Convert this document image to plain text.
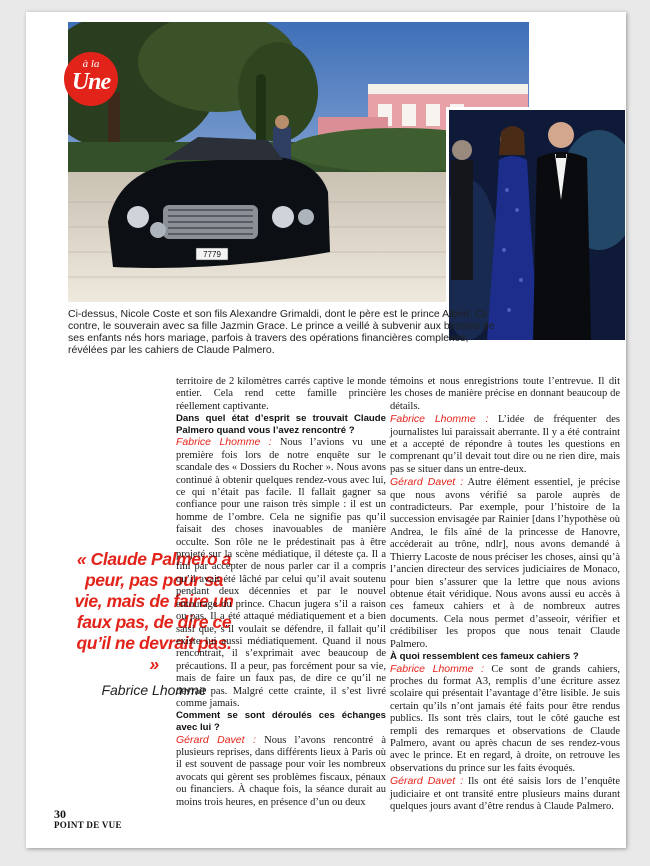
7779
à la
Une
Ci-dessus, Nicole Coste et son fils Alexandre Grimaldi, dont le père est le prince Albert. Ci-contre, le souverain avec sa fille Jazmin Grace. Le prince a veillé à subvenir aux besoins de ses enfants nés hors mariage, parfois à travers des opérations financières complexes, révélées par les cahiers de Claude Palmero.
« Claude Palmero a peur, pas pour sa vie, mais de faire un faux pas, de dire ce qu’il ne devrait pas. »
Fabrice Lhomme

territoire de 2 kilomètres carrés captive le monde entier. Cela rend cette famille princière réellement captivante.

Dans quel état d’esprit se trouvait Claude Palmero quand vous l’avez rencontré ?

Fabrice Lhomme : Nous l’avions vu une première fois lors de notre enquête sur le scandale des « Dossiers du Rocher ». Nous avons continué à obtenir quelques rendez-vous avec lui, ce qui n’était pas facile. Il fallait gagner sa confiance pour une raison très simple : il est un homme de l’ombre. Cela ne signifie pas qu’il faisait des choses inavouables de manière occulte. Son rôle ne le prédestinait pas à être projeté sur la scène médiatique, il déteste ça. Il a fini par accepter de nous parler car il a compris qu’il avait été lâché par celui qu’il avait soutenu pendant deux décennies et par le nouvel entourage du prince. Chacun jugera s’il a raison ou pas. Il a été attaqué médiatiquement et a bien saisi que, s’il voulait se défendre, il fallait qu’il existe lui aussi médiatiquement. Quand il nous rencontrait, il s’exprimait avec beaucoup de précautions. Il a peur, pas forcément pour sa vie, mais de faire un faux pas, de dire ce qu’il ne devrait pas. Malgré cette crainte, il s’est livré comme jamais.

Comment se sont déroulés ces échanges avec lui ?

Gérard Davet : Nous l’avons rencontré à plusieurs reprises, dans différents lieux à Paris où il est souvent de passage pour voir les nombreux avocats qui gèrent ses problèmes fiscaux, pénaux ou financiers. À chaque fois, la séance durait au moins trois heures, en présence d’un ou deux

témoins et nous enregistrions toute l’entrevue. Il dit les choses de manière précise en donnant beaucoup de détails.

Fabrice Lhomme : L’idée de fréquenter des journalistes lui paraissait aberrante. Il y a été contraint et a accepté de répondre à toutes les questions en comprenant qu’il devait tout dire ou ne rien dire, mais pas se situer dans un entre-deux.

Gérard Davet : Autre élément essentiel, je précise que nous avons vérifié sa parole auprès de contradicteurs. Par exemple, pour l’histoire de la succession envisagée par Rainier [dans l’hypothèse où Andrea, le fils aîné de la princesse de Hanovre, accéderait au trône, ndlr], nous avons demandé à Thierry Lacoste de nous préciser les choses, ainsi qu’à l’ancien directeur des services judiciaires de Monaco, pour bien s’assurer que la lettre que nous avions obtenue était véridique. Nous avons aussi eu accès à ces fameux cahiers et à de nombreux autres documents. Cela nous permet d’asseoir, vérifier et crédibiliser les propos que nous tenait Claude Palmero.

À quoi ressemblent ces fameux cahiers ?

Fabrice Lhomme : Ce sont de grands cahiers, proches du format A3, remplis d’une écriture assez scolaire qui présentait l’avantage d’être lisible. Je suis certain qu’ils n’ont jamais été faits pour être rendus publics. Ils sont très clairs, tout le côté gauche est rempli des remarques et observations de Claude Palmero, avant ou après chacun de ses rendez-vous avec le prince. Et en regard, à droite, on retrouve les observations du prince sur les faits évoqués.

Gérard Davet : Ils ont été saisis lors de l’enquête judiciaire et ont transité entre plusieurs mains durant quelques jours avant d’être rendus à Claude Palmero.

30
POINT DE VUE
